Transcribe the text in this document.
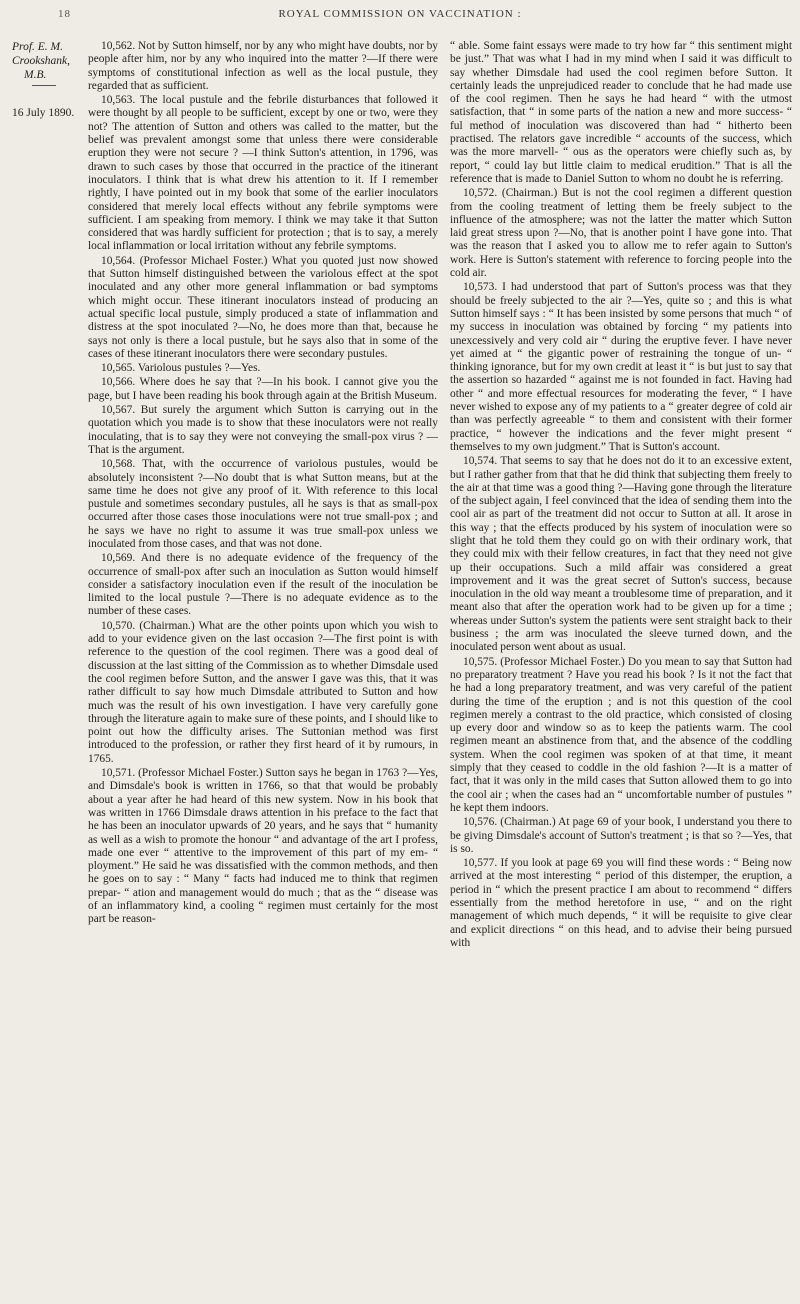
18	ROYAL COMMISSION ON VACCINATION :
Prof. E. M.
Crookshank,
M.B.
16 July 1890.

10,562. Not by Sutton himself, nor by any who might have doubts, nor by people after him, nor by any who inquired into the matter ?—If there were symptoms of constitutional infection as well as the local pustule, they regarded that as sufficient.

10,563. The local pustule and the febrile disturbances that followed it were thought by all people to be sufficient, except by one or two, were they not? The attention of Sutton and others was called to the matter, but the belief was prevalent amongst some that unless there were considerable eruption they were not secure ? —I think Sutton's attention, in 1796, was drawn to such cases by those that occurred in the practice of the itinerant inoculators. I think that is what drew his attention to it. If I remember rightly, I have pointed out in my book that some of the earlier inoculators considered that merely local effects without any febrile symptoms were sufficient. I am speaking from memory. I think we may take it that Sutton considered that was hardly sufficient for protection ; that is to say, a merely local inflammation or local irritation without any febrile symptoms.

10,564. (Professor Michael Foster.) What you quoted just now showed that Sutton himself distinguished between the variolous effect at the spot inoculated and any other more general inflammation or bad symptoms which might occur. These itinerant inoculators instead of producing an actual specific local pustule, simply produced a state of inflammation and distress at the spot inoculated ?—No, he does more than that, because he says not only is there a local pustule, but he says also that in some of the cases of these itinerant inoculators there were secondary pustules.

10,565. Variolous pustules ?—Yes.

10,566. Where does he say that ?—In his book. I cannot give you the page, but I have been reading his book through again at the British Museum.

10,567. But surely the argument which Sutton is carrying out in the quotation which you made is to show that these inoculators were not really inoculating, that is to say they were not conveying the small-pox virus ? —That is the argument.

10,568. That, with the occurrence of variolous pustules, would be absolutely inconsistent ?—No doubt that is what Sutton means, but at the same time he does not give any proof of it. With reference to this local pustule and sometimes secondary pustules, all he says is that as small-pox occurred after those cases those inoculations were not true small-pox ; and he says we have no right to assume it was true small-pox unless we inoculated from those cases, and that was not done.

10,569. And there is no adequate evidence of the frequency of the occurrence of small-pox after such an inoculation as Sutton would himself consider a satisfactory inoculation even if the result of the inoculation be limited to the local pustule ?—There is no adequate evidence as to the number of these cases.

10,570. (Chairman.) What are the other points upon which you wish to add to your evidence given on the last occasion ?—The first point is with reference to the question of the cool regimen. There was a good deal of discussion at the last sitting of the Commission as to whether Dimsdale used the cool regimen before Sutton, and the answer I gave was this, that it was rather difficult to say how much Dimsdale attributed to Sutton and how much was the result of his own investigation. I have very carefully gone through the literature again to make sure of these points, and I should like to point out how the difficulty arises. The Suttonian method was first introduced to the profession, or rather they first heard of it by rumours, in 1765.

10,571. (Professor Michael Foster.) Sutton says he began in 1763 ?—Yes, and Dimsdale's book is written in 1766, so that that would be probably about a year after he had heard of this new system. Now in his book that was written in 1766 Dimsdale draws attention in his preface to the fact that he has been an inoculator upwards of 20 years, and he says that “ humanity as well as a wish to promote the honour “ and advantage of the art I profess, made one ever “ attentive to the improvement of this part of my em- “ ployment.” He said he was dissatisfied with the common methods, and then he goes on to say : “ Many “ facts had induced me to think that regimen prepar- “ ation and management would do much ; that as the “ disease was of an inflammatory kind, a cooling “ regimen must certainly for the most part be reason-

“ able. Some faint essays were made to try how far “ this sentiment might be just.” That was what I had in my mind when I said it was difficult to say whether Dimsdale had used the cool regimen before Sutton. It certainly leads the unprejudiced reader to conclude that he had made use of the cool regimen. Then he says he had heard “ with the utmost satisfaction, that “ in some parts of the nation a new and more success- “ ful method of inoculation was discovered than had “ hitherto been practised. The relators gave incredible “ accounts of the success, which was the more marvell- “ ous as the operators were chiefly such as, by report, “ could lay but little claim to medical erudition.” That is all the reference that is made to Daniel Sutton to whom no doubt he is referring.

10,572. (Chairman.) But is not the cool regimen a different question from the cooling treatment of letting them be freely subject to the influence of the atmosphere; was not the latter the matter which Sutton laid great stress upon ?—No, that is another point I have gone into. That was the reason that I asked you to allow me to refer again to Sutton's work. Here is Sutton's statement with reference to forcing people into the cold air.

10,573. I had understood that part of Sutton's process was that they should be freely subjected to the air ?—Yes, quite so ; and this is what Sutton himself says : “ It has been insisted by some persons that much “ of my success in inoculation was obtained by forcing “ my patients into unexcessively and very cold air “ during the eruptive fever. I have never yet aimed at “ the gigantic power of restraining the tongue of un- “ thinking ignorance, but for my own credit at least it “ is but just to say that the assertion so hazarded “ against me is not founded in fact. Having had other “ and more effectual resources for moderating the fever, “ I have never wished to expose any of my patients to a “ greater degree of cold air than was perfectly agreeable “ to them and consistent with their former practice, “ however the indications and the fever might present “ themselves to my own judgment.” That is Sutton's account.

10,574. That seems to say that he does not do it to an excessive extent, but I rather gather from that that he did think that subjecting them freely to the air at that time was a good thing ?—Having gone through the literature of the subject again, I feel convinced that the idea of sending them into the cool air as part of the treatment did not occur to Sutton at all. It arose in this way ; that the effects produced by his system of inoculation were so slight that he told them they could go on with their ordinary work, that they could mix with their fellow creatures, in fact that they need not give up their occupations. Such a mild affair was considered a great improvement and it was the great secret of Sutton's success, because inoculation in the old way meant a troublesome time of preparation, and it meant also that after the operation work had to be given up for a time ; whereas under Sutton's system the patients were sent straight back to their business ; the arm was inoculated the sleeve turned down, and the inoculated person went about as usual.

10,575. (Professor Michael Foster.) Do you mean to say that Sutton had no preparatory treatment ? Have you read his book ? Is it not the fact that he had a long preparatory treatment, and was very careful of the patient during the time of the eruption ; and is not this question of the cool regimen merely a contrast to the old practice, which consisted of closing up every door and window so as to keep the patients warm. The cool regimen meant an abstinence from that, and the absence of the coddling system. When the cool regimen was spoken of at that time, it meant simply that they ceased to coddle in the old fashion ?—It is a matter of fact, that it was only in the mild cases that Sutton allowed them to go into the cool air ; when the cases had an “ uncomfortable number of pustules ” he kept them indoors.

10,576. (Chairman.) At page 69 of your book, I understand you there to be giving Dimsdale's account of Sutton's treatment ; is that so ?—Yes, that is so.

10,577. If you look at page 69 you will find these words : “ Being now arrived at the most interesting “ period of this distemper, the eruption, a period in “ which the present practice I am about to recommend “ differs essentially from the method heretofore in use, “ and on the right management of which much depends, “ it will be requisite to give clear and explicit directions “ on this head, and to advise their being pursued with
